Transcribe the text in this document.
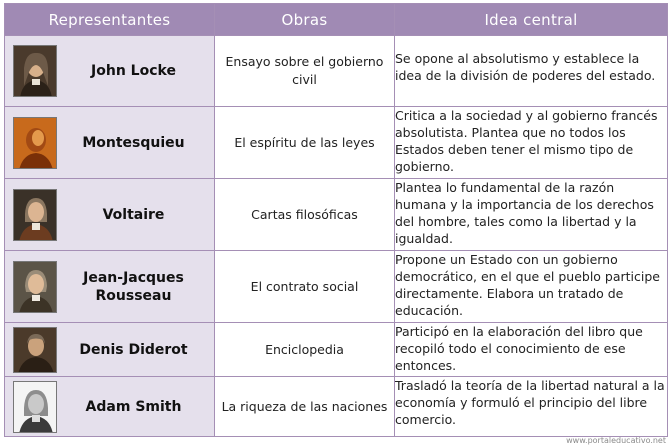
Representantes	Obras	Idea central

John Locke	Ensayo sobre el gobierno civil	Se opone al absolutismo y establece la idea de la división de poderes del estado.

Montesquieu	El espíritu de las leyes	Critica a la sociedad y al gobierno francés absolutista. Plantea que no todos los Estados deben tener el mismo tipo de gobierno.

Voltaire	Cartas filosóficas	Plantea lo fundamental de la razón humana y la importancia de los derechos del hombre, tales como la libertad y la igualdad.

Jean-Jacques Rousseau	El contrato social	Propone un Estado con un gobierno democrático, en el que el pueblo participe directamente. Elabora un tratado de educación.

Denis Diderot	Enciclopedia	Participó en la elaboración del libro que recopiló todo el conocimiento de ese entonces.

Adam Smith	La riqueza de las naciones	Trasladó la teoría de la libertad natural a la economía y formuló el principio del libre comercio.
www.portaleducativo.net
